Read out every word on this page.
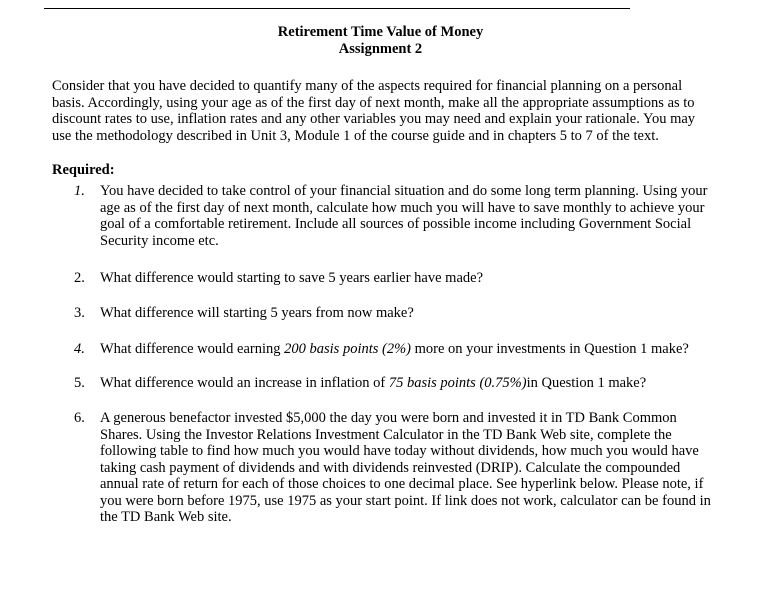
Retirement Time Value of Money
Assignment 2

Consider that you have decided to quantify many of the aspects required for financial planning on a personal basis. Accordingly, using your age as of the first day of next month, make all the appropriate assumptions as to discount rates to use, inflation rates and any other variables you may need and explain your rationale. You may use the methodology described in Unit 3, Module 1 of the course guide and in chapters 5 to 7 of the text.

Required:

1.	You have decided to take control of your financial situation and do some long term planning. Using your age as of the first day of next month, calculate how much you will have to save monthly to achieve your goal of a comfortable retirement. Include all sources of possible income including Government Social Security income etc.
2.	What difference would starting to save 5 years earlier have made?
3.	What difference will starting 5 years from now make?
4.	What difference would earning 200 basis points (2%) more on your investments in Question 1 make?
5.	What difference would an increase in inflation of 75 basis points (0.75%)in Question 1 make?
6.	A generous benefactor invested $5,000 the day you were born and invested it in TD Bank Common Shares. Using the Investor Relations Investment Calculator in the TD Bank Web site, complete the following table to find how much you would have today without dividends, how much you would have taking cash payment of dividends and with dividends reinvested (DRIP). Calculate the compounded annual rate of return for each of those choices to one decimal place. See hyperlink below. Please note, if you were born before 1975, use 1975 as your start point. If link does not work, calculator can be found in the TD Bank Web site.
